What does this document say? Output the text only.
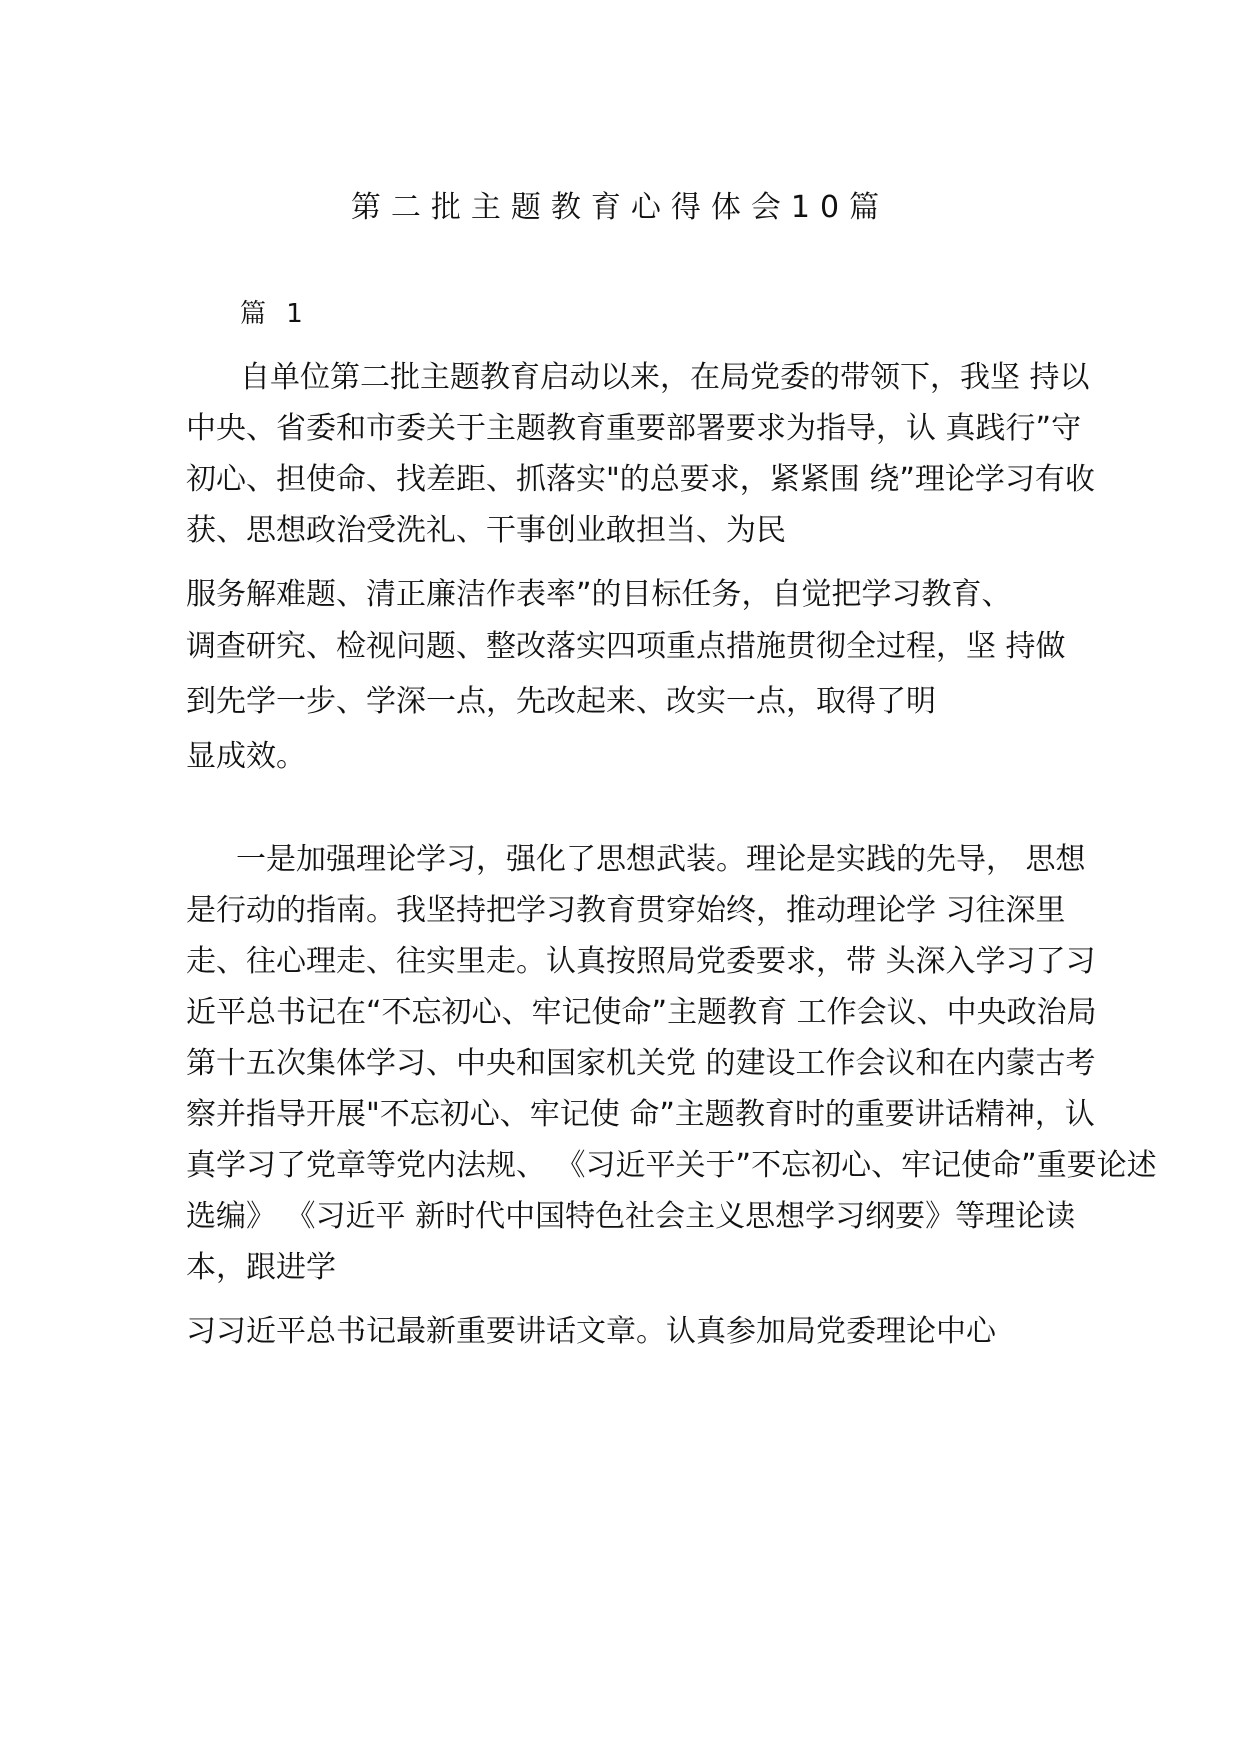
第二批主题教育心得体会10篇
篇 1
自单位第二批主题教育启动以来，在局党委的带领下，我坚 持以
中央、省委和市委关于主题教育重要部署要求为指导，认 真践行”守
初心、担使命、找差距、抓落实"的总要求，紧紧围 绕”理论学习有收
获、思想政治受洗礼、干事创业敢担当、为民
服务解难题、清正廉洁作表率”的目标任务，自觉把学习教育、
调查研究、检视问题、整改落实四项重点措施贯彻全过程，坚 持做
到先学一步、学深一点，先改起来、改实一点，取得了明
显成效。
一是加强理论学习，强化了思想武装。理论是实践的先导， 思想
是行动的指南。我坚持把学习教育贯穿始终，推动理论学 习往深里
走、往心理走、往实里走。认真按照局党委要求，带 头深入学习了习
近平总书记在“不忘初心、牢记使命”主题教育 工作会议、中央政治局
第十五次集体学习、中央和国家机关党 的建设工作会议和在内蒙古考
察并指导开展"不忘初心、牢记使 命”主题教育时的重要讲话精神，认
真学习了党章等党内法规、 《习近平关于”不忘初心、牢记使命”重要论述
选编》 《习近平 新时代中国特色社会主义思想学习纲要》等理论读
本，跟进学
习习近平总书记最新重要讲话文章。认真参加局党委理论中心
